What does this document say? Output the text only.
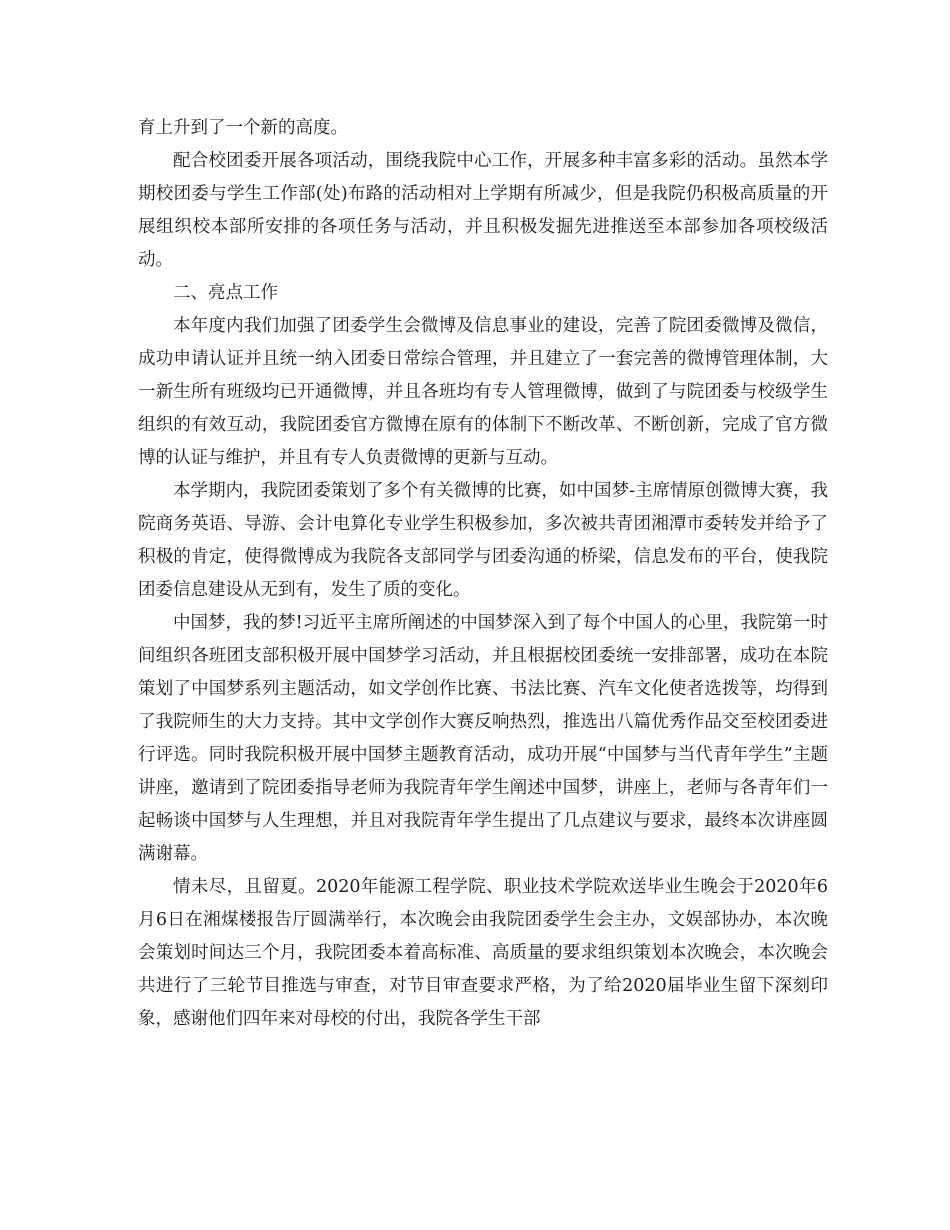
育上升到了一个新的高度。

配合校团委开展各项活动，围绕我院中心工作，开展多种丰富多彩的活动。虽然本学期校团委与学生工作部(处)布路的活动相对上学期有所减少，但是我院仍积极高质量的开展组织校本部所安排的各项任务与活动，并且积极发掘先进推送至本部参加各项校级活动。

二、亮点工作

本年度内我们加强了团委学生会微博及信息事业的建设，完善了院团委微博及微信，成功申请认证并且统一纳入团委日常综合管理，并且建立了一套完善的微博管理体制，大一新生所有班级均已开通微博，并且各班均有专人管理微博，做到了与院团委与校级学生组织的有效互动，我院团委官方微博在原有的体制下不断改革、不断创新，完成了官方微博的认证与维护，并且有专人负责微博的更新与互动。

本学期内，我院团委策划了多个有关微博的比赛，如中国梦-主席情原创微博大赛，我院商务英语、导游、会计电算化专业学生积极参加，多次被共青团湘潭市委转发并给予了积极的肯定，使得微博成为我院各支部同学与团委沟通的桥梁，信息发布的平台，使我院团委信息建设从无到有，发生了质的变化。

中国梦，我的梦!习近平主席所阐述的中国梦深入到了每个中国人的心里，我院第一时间组织各班团支部积极开展中国梦学习活动，并且根据校团委统一安排部署，成功在本院策划了中国梦系列主题活动，如文学创作比赛、书法比赛、汽车文化使者选拨等，均得到了我院师生的大力支持。其中文学创作大赛反响热烈，推选出八篇优秀作品交至校团委进行评选。同时我院积极开展中国梦主题教育活动，成功开展“中国梦与当代青年学生”主题讲座，邀请到了院团委指导老师为我院青年学生阐述中国梦，讲座上，老师与各青年们一起畅谈中国梦与人生理想，并且对我院青年学生提出了几点建议与要求，最终本次讲座圆满谢幕。

情未尽，且留夏。2020年能源工程学院、职业技术学院欢送毕业生晚会于2020年6月6日在湘煤楼报告厅圆满举行，本次晚会由我院团委学生会主办，文娱部协办，本次晚会策划时间达三个月，我院团委本着高标准、高质量的要求组织策划本次晚会，本次晚会共进行了三轮节目推选与审查，对节目审查要求严格，为了给2020届毕业生留下深刻印象，感谢他们四年来对母校的付出，我院各学生干部
